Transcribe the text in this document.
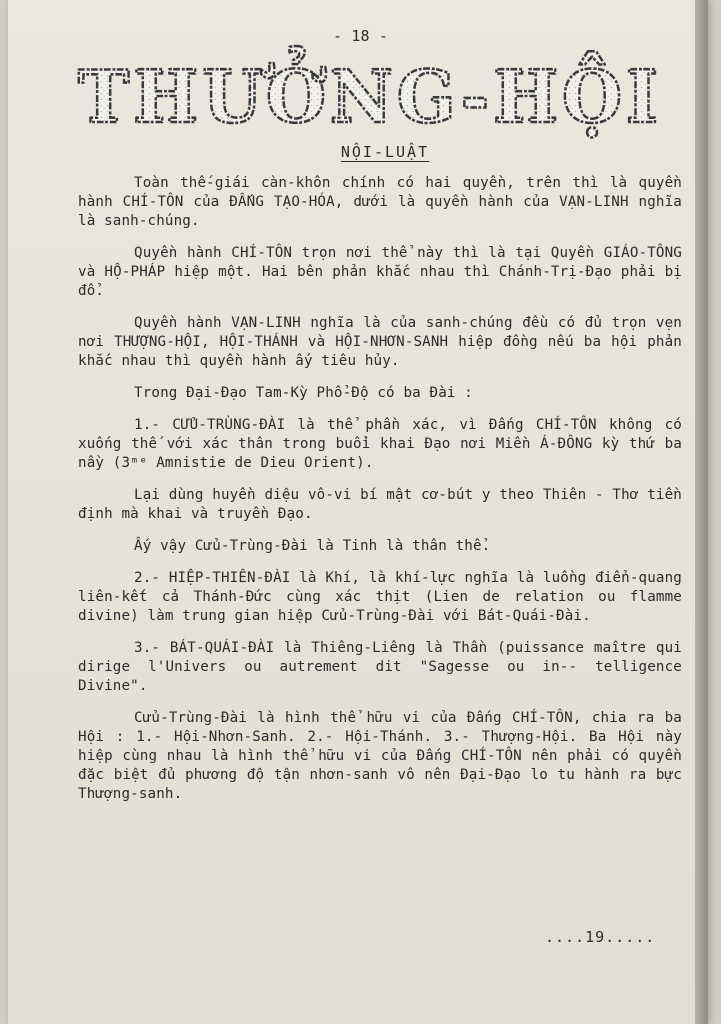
- 18 -
THƯỞNG-HỘI
NỘI-LUẬT

Toàn thế-giái càn-khôn chính có hai quyền, trên thì là quyền hành CHÍ-TÔN của ĐẤNG TẠO-HÓA, dưới là quyền hành của VẠN-LINH nghĩa là sanh-chúng.

Quyền hành CHÍ-TÔN trọn nơi thể này thì là tại Quyền GIÁO-TÔNG và HỘ-PHÁP hiệp một. Hai bên phản khắc nhau thì Chánh-Trị-Đạo phải bị đổ.

Quyền hành VẠN-LINH nghĩa là của sanh-chúng đều có đủ trọn vẹn nơi THƯỢNG-HỘI, HỘI-THÁNH và HỘI-NHƠN-SANH hiệp đồng nếu ba hội phản khắc nhau thì quyền hành ấy tiêu hủy.

Trong Đại-Đạo Tam-Kỳ Phổ-Độ có ba Đài :

1.- CỬU-TRÙNG-ĐÀI là thể phần xác, vì Đấng CHÍ-TÔN không có xuống thế với xác thân trong buổi khai Đạo nơi Miền Á-ĐÔNG kỳ thứ ba nầy (3ᵐᵉ Amnistie de Dieu Orient).

Lại dùng huyền diệu vô-vi bí mật cơ-bút y theo Thiên - Thơ tiền định mà khai và truyền Đạo.

Ấy vậy Cửu-Trùng-Đài là Tinh là thân thể.

2.- HIỆP-THIÊN-ĐÀI là Khí, là khí-lực nghĩa là luồng điển-quang liên-kết cả Thánh-Đức cùng xác thịt (Lien de relation ou flamme divine) làm trung gian hiệp Cửu-Trùng-Đài với Bát-Quái-Đài.

3.- BÁT-QUÁI-ĐÀI là Thiêng-Liêng là Thần (puissance maître qui dirige l'Univers ou autrement dit "Sagesse ou in-- telligence Divine".

Cửu-Trùng-Đài là hình thể hữu vi của Đấng CHÍ-TÔN, chia ra ba Hội : 1.- Hội-Nhơn-Sanh. 2.- Hội-Thánh. 3.- Thượng-Hội. Ba Hội này hiệp cùng nhau là hình thể hữu vi của Đấng CHÍ-TÔN nên phải có quyền đặc biệt đủ phương độ tận nhơn-sanh vô nên Đại-Đạo lo tu hành ra bực Thượng-sanh.

....19.....
